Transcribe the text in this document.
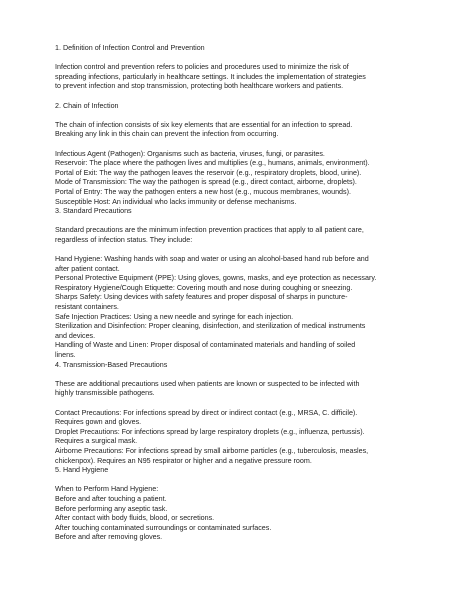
1. Definition of Infection Control and Prevention

Infection control and prevention refers to policies and procedures used to minimize the risk of

spreading infections, particularly in healthcare settings. It includes the implementation of strategies

to prevent infection and stop transmission, protecting both healthcare workers and patients.

2. Chain of Infection

The chain of infection consists of six key elements that are essential for an infection to spread.

Breaking any link in this chain can prevent the infection from occurring.

Infectious Agent (Pathogen): Organisms such as bacteria, viruses, fungi, or parasites.

Reservoir: The place where the pathogen lives and multiplies (e.g., humans, animals, environment).

Portal of Exit: The way the pathogen leaves the reservoir (e.g., respiratory droplets, blood, urine).

Mode of Transmission: The way the pathogen is spread (e.g., direct contact, airborne, droplets).

Portal of Entry: The way the pathogen enters a new host (e.g., mucous membranes, wounds).

Susceptible Host: An individual who lacks immunity or defense mechanisms.

3. Standard Precautions

Standard precautions are the minimum infection prevention practices that apply to all patient care,

regardless of infection status. They include:

Hand Hygiene: Washing hands with soap and water or using an alcohol-based hand rub before and

after patient contact.

Personal Protective Equipment (PPE): Using gloves, gowns, masks, and eye protection as necessary.

Respiratory Hygiene/Cough Etiquette: Covering mouth and nose during coughing or sneezing.

Sharps Safety: Using devices with safety features and proper disposal of sharps in puncture-

resistant containers.

Safe Injection Practices: Using a new needle and syringe for each injection.

Sterilization and Disinfection: Proper cleaning, disinfection, and sterilization of medical instruments

and devices.

Handling of Waste and Linen: Proper disposal of contaminated materials and handling of soiled

linens.

4. Transmission-Based Precautions

These are additional precautions used when patients are known or suspected to be infected with

highly transmissible pathogens.

Contact Precautions: For infections spread by direct or indirect contact (e.g., MRSA, C. difficile).

Requires gown and gloves.

Droplet Precautions: For infections spread by large respiratory droplets (e.g., influenza, pertussis).

Requires a surgical mask.

Airborne Precautions: For infections spread by small airborne particles (e.g., tuberculosis, measles,

chickenpox). Requires an N95 respirator or higher and a negative pressure room.

5. Hand Hygiene

When to Perform Hand Hygiene:

Before and after touching a patient.

Before performing any aseptic task.

After contact with body fluids, blood, or secretions.

After touching contaminated surroundings or contaminated surfaces.

Before and after removing gloves.
